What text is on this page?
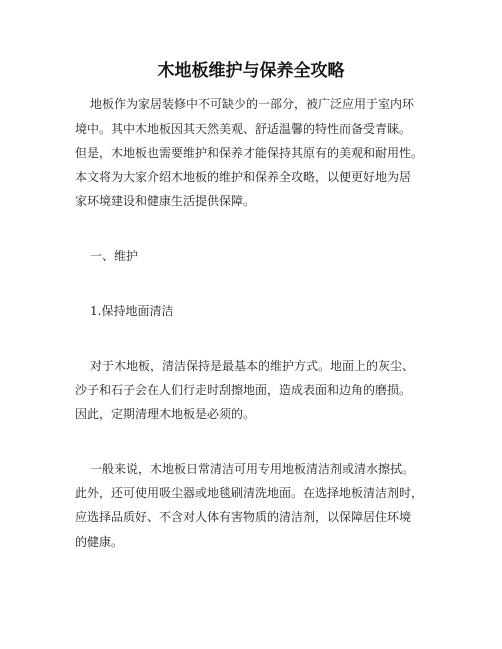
木地板维护与保养全攻略
地板作为家居装修中不可缺少的一部分，被广泛应用于室内环
境中。其中木地板因其天然美观、舒适温馨的特性而备受青睐。
但是，木地板也需要维护和保养才能保持其原有的美观和耐用性。
本文将为大家介绍木地板的维护和保养全攻略，以便更好地为居
家环境建设和健康生活提供保障。
一、维护
1.保持地面清洁
对于木地板，清洁保持是最基本的维护方式。地面上的灰尘、
沙子和石子会在人们行走时刮擦地面，造成表面和边角的磨损。
因此，定期清理木地板是必须的。
一般来说，木地板日常清洁可用专用地板清洁剂或清水擦拭。
此外，还可使用吸尘器或地毯刷清洗地面。在选择地板清洁剂时，
应选择品质好、不含对人体有害物质的清洁剂，以保障居住环境
的健康。
